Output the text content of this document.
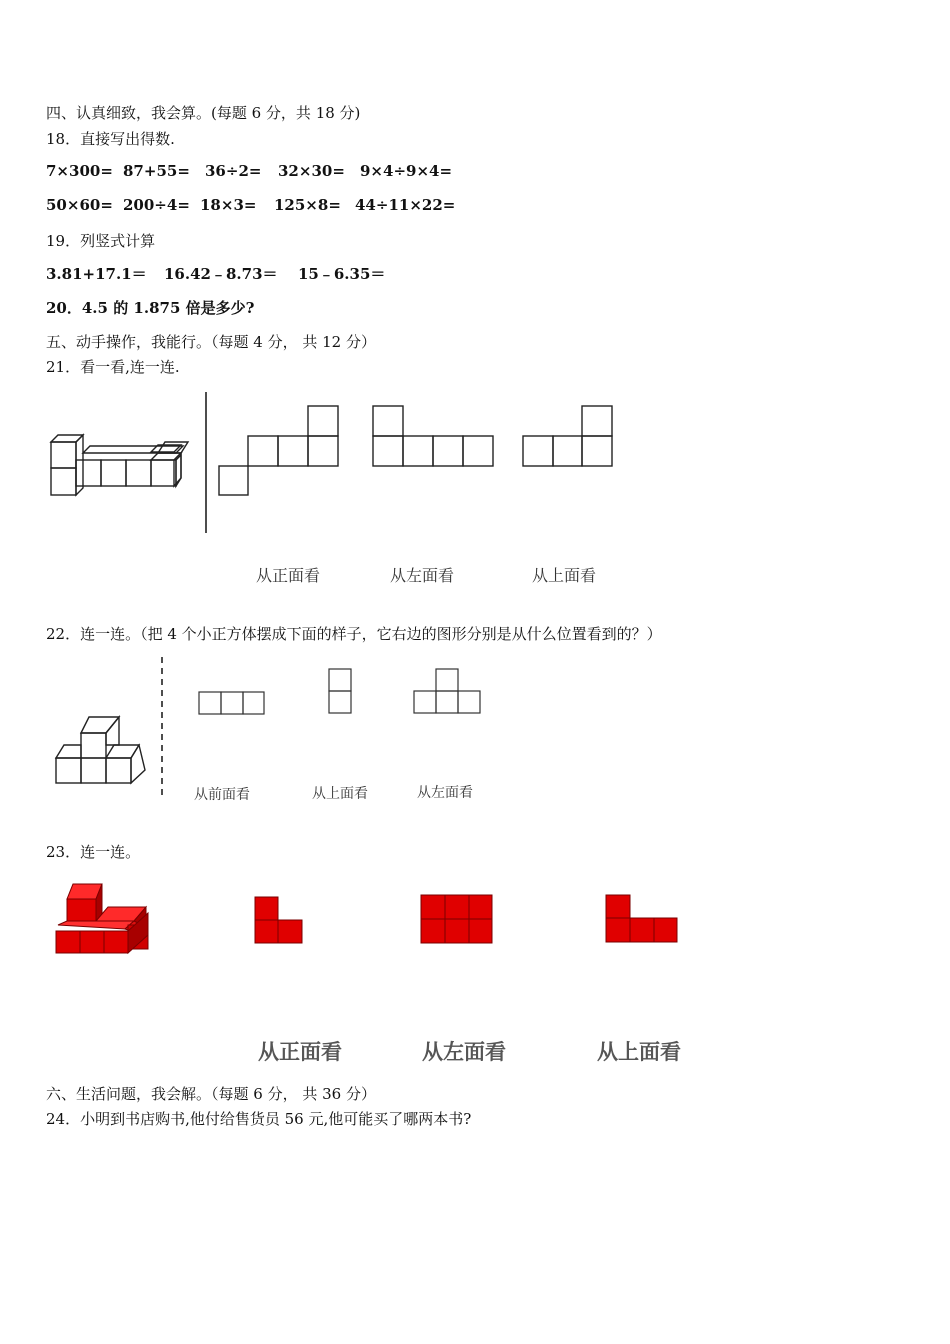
四、认真细致，我会算。(每题 6 分，共 18 分)
18．直接写出得数.
7×300= 87+55= 36÷2= 32×30= 9×4÷9×4=
50×60= 200÷4= 18×3= 125×8= 44÷11×22=
19．列竖式计算
3.81+17.1＝ 16.42﹣8.73＝ 15﹣6.35＝
20．4.5 的 1.875 倍是多少?
五、动手操作，我能行。（每题 4 分， 共 12 分）
21．看一看,连一连.
从正面看	从左面看	从上面看
22．连一连。（把 4 个小正方体摆成下面的样子，它右边的图形分别是从什么位置看到的？）
从前面看	从上面看	从左面看
23．连一连。
从正面看	从左面看	从上面看
六、生活问题，我会解。（每题 6 分， 共 36 分）
24．小明到书店购书,他付给售货员 56 元,他可能买了哪两本书?
